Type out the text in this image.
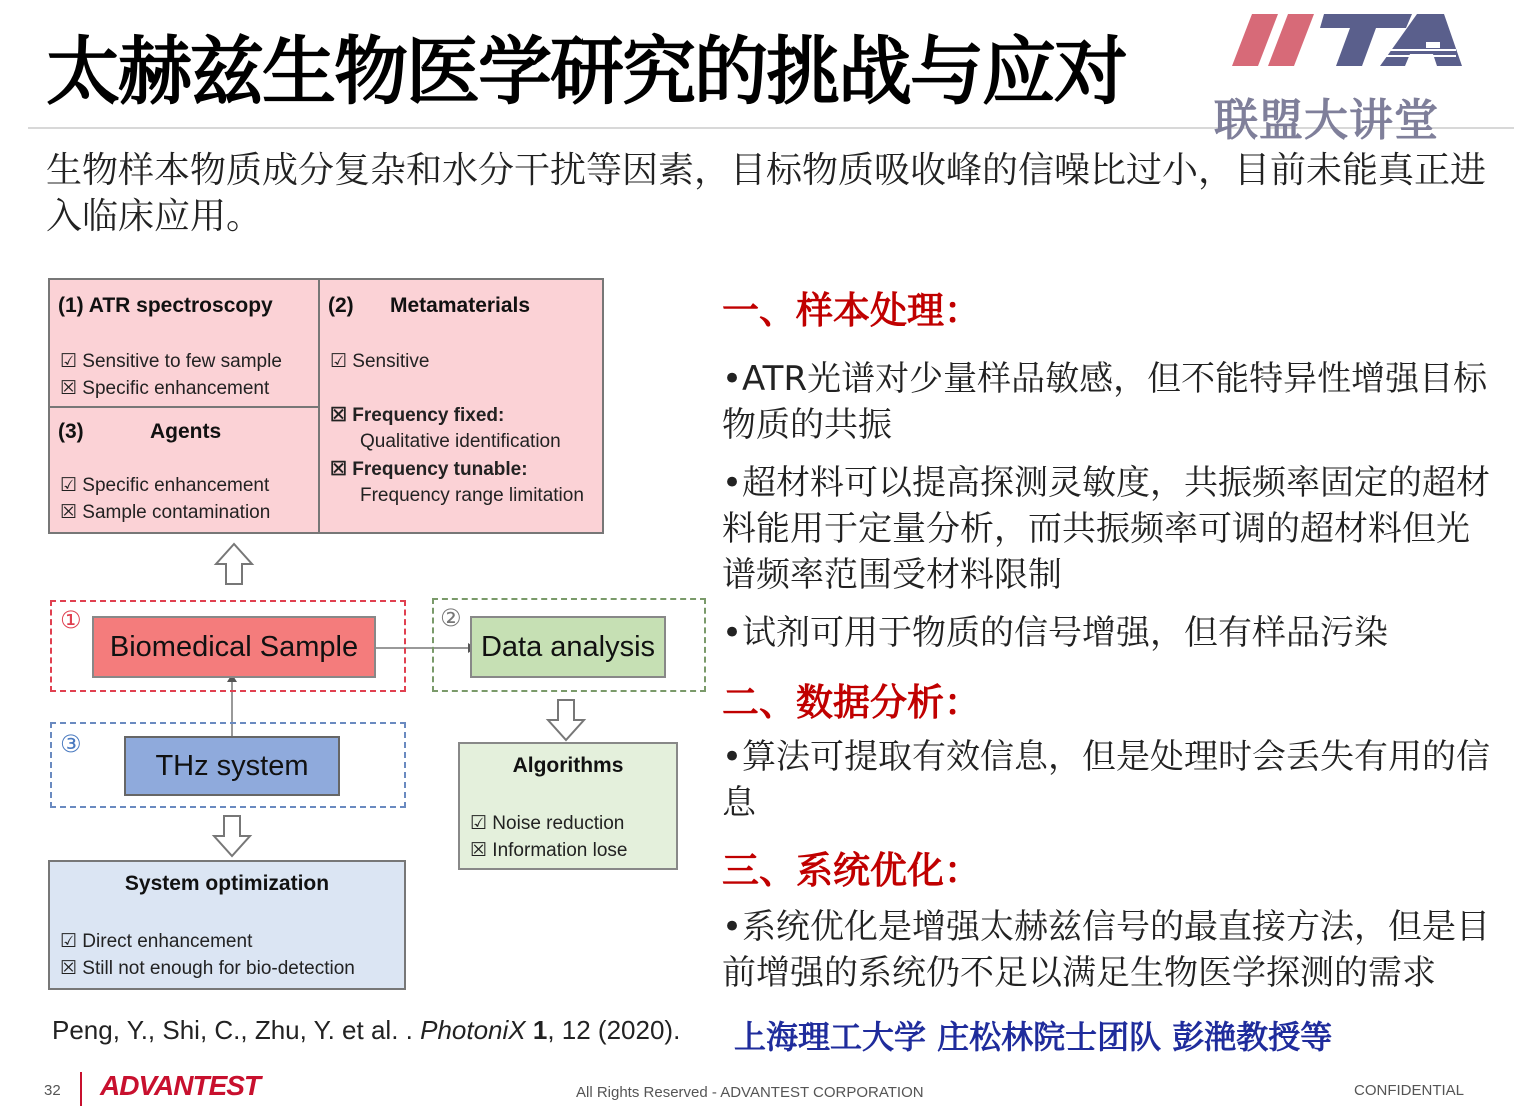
太赫兹生物医学研究的挑战与应对
联盟大讲堂
生物样本物质成分复杂和水分干扰等因素，目标物质吸收峰的信噪比过小，目前未能真正进入临床应用。
(1) ATR spectroscopy
☑ Sensitive to few sample
☒ Specific enhancement
(3)	Agents
☑ Specific enhancement
☒ Sample contamination
(2) Metamaterials
☑ Sensitive
☒ Frequency fixed:
Qualitative identification
☒ Frequency tunable:
Frequency range limitation
①
Biomedical Sample
②
Data analysis
③
THz system	Algorithms
☑ Noise reduction
☒ Information lose
System optimization
☑ Direct enhancement
☒ Still not enough for bio-detection
一、样本处理：
•ATR光谱对少量样品敏感，但不能特异性增强目标物质的共振
•超材料可以提高探测灵敏度，共振频率固定的超材料能用于定量分析，而共振频率可调的超材料但光谱频率范围受材料限制
•试剂可用于物质的信号增强，但有样品污染
二、数据分析：
•算法可提取有效信息，但是处理时会丢失有用的信息
三、系统优化：
•系统优化是增强太赫兹信号的最直接方法，但是目前增强的系统仍不足以满足生物医学探测的需求
Peng, Y., Shi, C., Zhu, Y. et al. . PhotoniX 1, 12 (2020). 上海理工大学 庄松林院士团队 彭滟教授等
32 ADVANTEST	All Rights Reserved - ADVANTEST CORPORATION	CONFIDENTIAL
